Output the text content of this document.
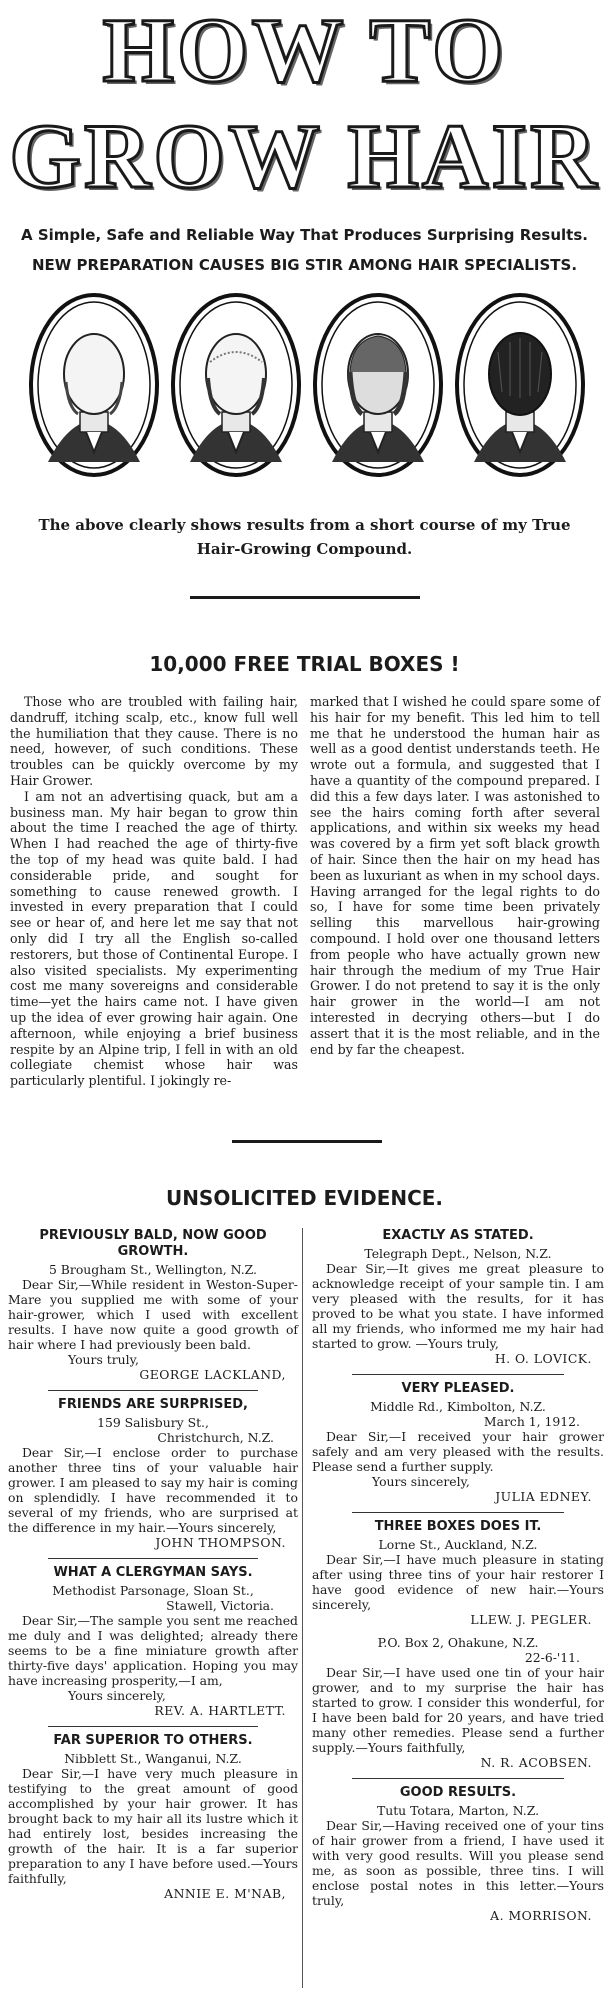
HOW TO
GROW HAIR
A Simple, Safe and Reliable Way That Produces Surprising Results.
NEW PREPARATION CAUSES BIG STIR AMONG HAIR SPECIALISTS.
The above clearly shows results from a short course of my True
Hair-Growing Compound.
10,000 FREE TRIAL BOXES !

Those who are troubled with failing hair, dandruff, itching scalp, etc., know full well the humiliation that they cause. There is no need, however, of such conditions. These troubles can be quickly overcome by my Hair Grower.

I am not an advertising quack, but am a business man. My hair began to grow thin about the time I reached the age of thirty. When I had reached the age of thirty-five the top of my head was quite bald. I had considerable pride, and sought for something to cause renewed growth. I invested in every preparation that I could see or hear of, and here let me say that not only did I try all the English so-called restorers, but those of Continental Europe. I also visited specialists. My experimenting cost me many sovereigns and considerable time—yet the hairs came not. I have given up the idea of ever growing hair again. One afternoon, while enjoying a brief business respite by an Alpine trip, I fell in with an old collegiate chemist whose hair was particularly plentiful. I jokingly re-

marked that I wished he could spare some of his hair for my benefit. This led him to tell me that he understood the human hair as well as a good dentist understands teeth. He wrote out a formula, and suggested that I have a quantity of the compound prepared. I did this a few days later. I was astonished to see the hairs coming forth after several applications, and within six weeks my head was covered by a firm yet soft black growth of hair. Since then the hair on my head has been as luxuriant as when in my school days. Having arranged for the legal rights to do so, I have for some time been privately selling this marvellous hair-growing compound. I hold over one thousand letters from people who have actually grown new hair through the medium of my True Hair Grower. I do not pretend to say it is the only hair grower in the world—I am not interested in decrying others—but I do assert that it is the most reliable, and in the end by far the cheapest.

UNSOLICITED EVIDENCE.
PREVIOUSLY BALD, NOW GOOD GROWTH.

5 Brougham St., Wellington, N.Z.

Dear Sir,—While resident in Weston-Super-Mare you supplied me with some of your hair-grower, which I used with excellent results. I have now quite a good growth of hair where I had previously been bald.

Yours truly,

GEORGE LACKLAND,

FRIENDS ARE SURPRISED,

159 Salisbury St.,

Christchurch, N.Z.

Dear Sir,—I enclose order to purchase another three tins of your valuable hair grower. I am pleased to say my hair is coming on splendidly. I have recommended it to several of my friends, who are surprised at the difference in my hair.—Yours sincerely,

JOHN THOMPSON.

WHAT A CLERGYMAN SAYS.

Methodist Parsonage, Sloan St.,

Stawell, Victoria.

Dear Sir,—The sample you sent me reached me duly and I was delighted; already there seems to be a fine miniature growth after thirty-five days' application. Hoping you may have increasing prosperity,—I am,

Yours sincerely,

REV. A. HARTLETT.

FAR SUPERIOR TO OTHERS.

Nibblett St., Wanganui, N.Z.

Dear Sir,—I have very much pleasure in testifying to the great amount of good accomplished by your hair grower. It has brought back to my hair all its lustre which it had entirely lost, besides increasing the growth of the hair. It is a far superior preparation to any I have before used.—Yours faithfully,

ANNIE E. M'NAB,

EXACTLY AS STATED.

Telegraph Dept., Nelson, N.Z.

Dear Sir,—It gives me great pleasure to acknowledge receipt of your sample tin. I am very pleased with the results, for it has proved to be what you state. I have informed all my friends, who informed me my hair had started to grow. —Yours truly,

H. O. LOVICK.

VERY PLEASED.

Middle Rd., Kimbolton, N.Z.

March 1, 1912.

Dear Sir,—I received your hair grower safely and am very pleased with the results. Please send a further supply.

Yours sincerely,

JULIA EDNEY.

THREE BOXES DOES IT.

Lorne St., Auckland, N.Z.

Dear Sir,—I have much pleasure in stating after using three tins of your hair restorer I have good evidence of new hair.—Yours sincerely,

LLEW. J. PEGLER.

P.O. Box 2, Ohakune, N.Z.

22-6-'11.

Dear Sir,—I have used one tin of your hair grower, and to my surprise the hair has started to grow. I consider this wonderful, for I have been bald for 20 years, and have tried many other remedies. Please send a further supply.—Yours faithfully,

N. R. ACOBSEN.

GOOD RESULTS.

Tutu Totara, Marton, N.Z.

Dear Sir,—Having received one of your tins of hair grower from a friend, I have used it with very good results. Will you please send me, as soon as possible, three tins. I will enclose postal notes in this letter.—Yours truly,

A. MORRISON.
